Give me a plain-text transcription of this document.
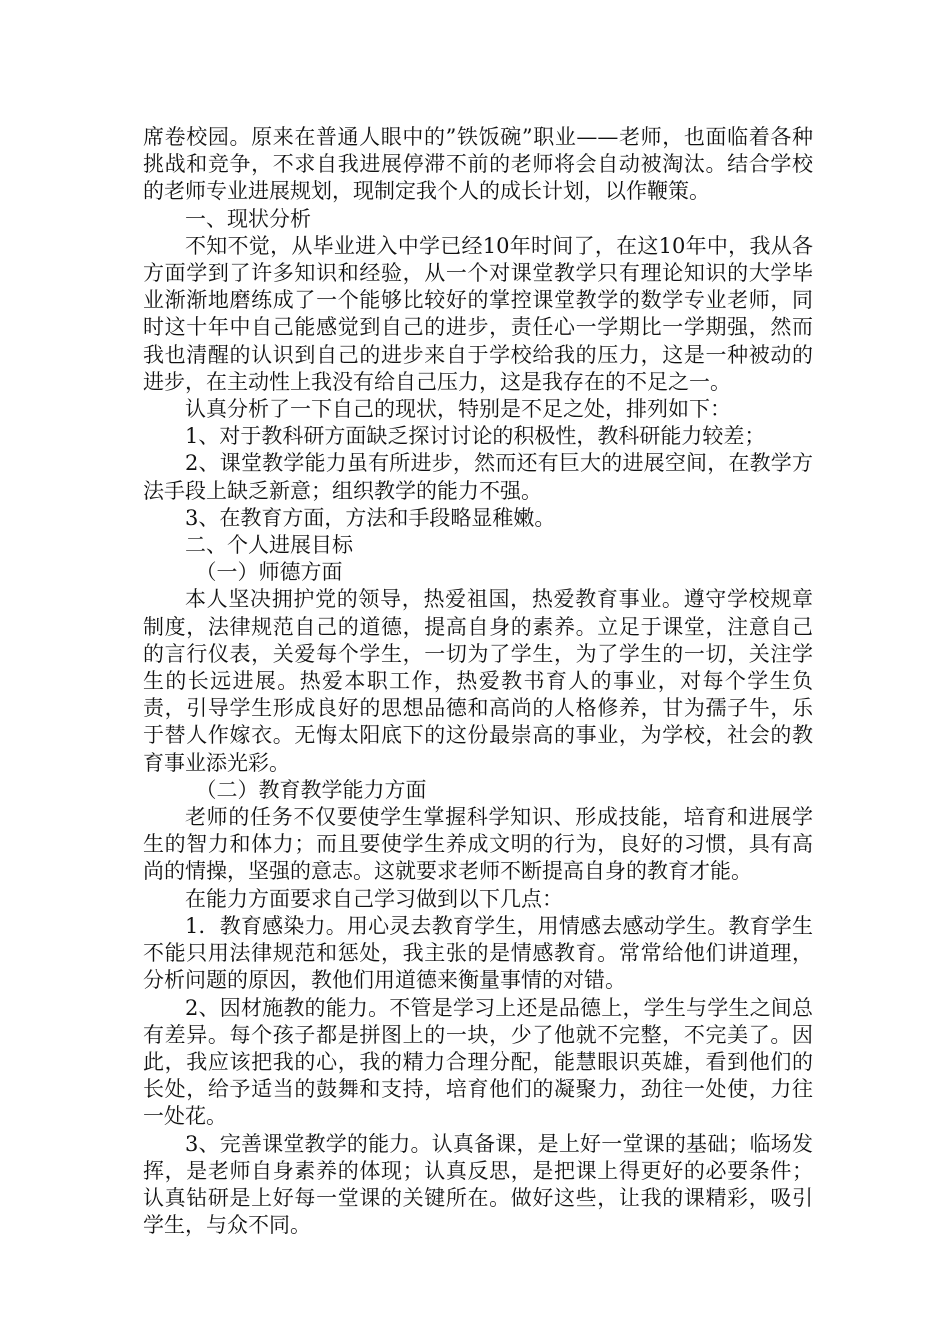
席卷校园。原来在普通人眼中的”铁饭碗”职业——老师，也面临着各种挑战和竞争，不求自我进展停滞不前的老师将会自动被淘汰。结合学校的老师专业进展规划，现制定我个人的成长计划，以作鞭策。

一、现状分析

不知不觉，从毕业进入中学已经10年时间了，在这10年中，我从各方面学到了许多知识和经验，从一个对课堂教学只有理论知识的大学毕业渐渐地磨练成了一个能够比较好的掌控课堂教学的数学专业老师，同时这十年中自己能感觉到自己的进步，责任心一学期比一学期强，然而我也清醒的认识到自己的进步来自于学校给我的压力，这是一种被动的进步，在主动性上我没有给自己压力，这是我存在的不足之一。

认真分析了一下自己的现状，特别是不足之处，排列如下：

1、对于教科研方面缺乏探讨讨论的积极性，教科研能力较差；

2、课堂教学能力虽有所进步，然而还有巨大的进展空间，在教学方法手段上缺乏新意；组织教学的能力不强。

3、在教育方面，方法和手段略显稚嫩。

二、个人进展目标

（一）师德方面

本人坚决拥护党的领导，热爱祖国，热爱教育事业。遵守学校规章制度，法律规范自己的道德，提高自身的素养。立足于课堂，注意自己的言行仪表，关爱每个学生，一切为了学生，为了学生的一切，关注学生的长远进展。热爱本职工作，热爱教书育人的事业，对每个学生负责，引导学生形成良好的思想品德和高尚的人格修养，甘为孺子牛，乐于替人作嫁衣。无悔太阳底下的这份最崇高的事业，为学校，社会的教育事业添光彩。

（二）教育教学能力方面

老师的任务不仅要使学生掌握科学知识、形成技能，培育和进展学生的智力和体力；而且要使学生养成文明的行为，良好的习惯，具有高尚的情操，坚强的意志。这就要求老师不断提高自身的教育才能。

在能力方面要求自己学习做到以下几点：

1．教育感染力。用心灵去教育学生，用情感去感动学生。教育学生不能只用法律规范和惩处，我主张的是情感教育。常常给他们讲道理，分析问题的原因，教他们用道德来衡量事情的对错。

2、因材施教的能力。不管是学习上还是品德上，学生与学生之间总有差异。每个孩子都是拼图上的一块，少了他就不完整，不完美了。因此，我应该把我的心，我的精力合理分配，能慧眼识英雄，看到他们的长处，给予适当的鼓舞和支持，培育他们的凝聚力，劲往一处使，力往一处花。

3、完善课堂教学的能力。认真备课，是上好一堂课的基础；临场发挥，是老师自身素养的体现；认真反思，是把课上得更好的必要条件；认真钻研是上好每一堂课的关键所在。做好这些，让我的课精彩，吸引学生，与众不同。
